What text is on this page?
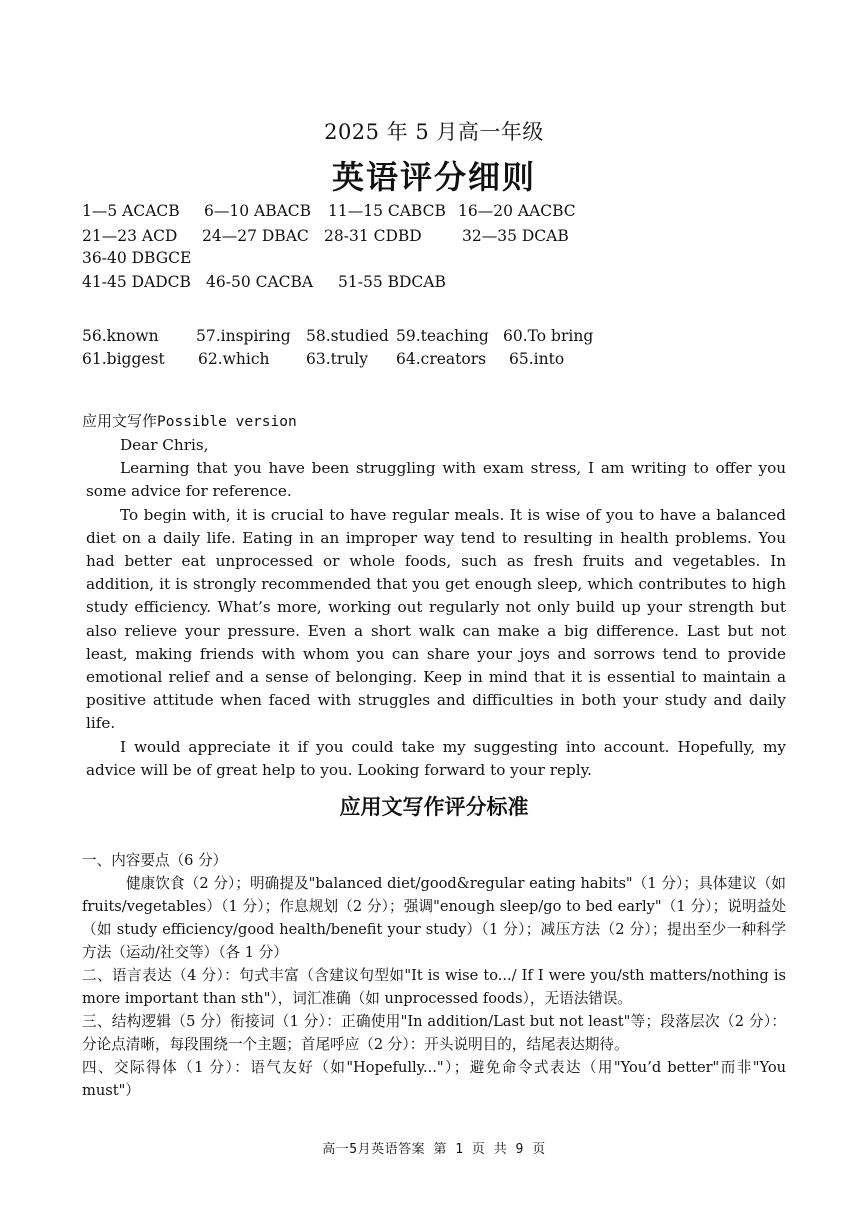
2025 年 5 月高一年级
英语评分细则
1—5 ACACB 6—10 ABACB 11—15 CABCB 16—20 AACBC
21—23 ACD 24—27 DBAC 28-31 CDBD	32—35 DCAB
36-40 DBGCE
41-45 DADCB 46-50 CACBA 51-55 BDCAB
56.known 57.inspiring 58.studied 59.teaching 60.To bring
61.biggest 62.which 63.truly 64.creators 65.into
应用文写作Possible version

Dear Chris,

Learning that you have been struggling with exam stress, I am writing to offer you some advice for reference.

To begin with, it is crucial to have regular meals. It is wise of you to have a balanced diet on a daily life. Eating in an improper way tend to resulting in health problems. You had better eat unprocessed or whole foods, such as fresh fruits and vegetables. In addition, it is strongly recommended that you get enough sleep, which contributes to high study efficiency. What’s more, working out regularly not only build up your strength but also relieve your pressure. Even a short walk can make a big difference. Last but not least, making friends with whom you can share your joys and sorrows tend to provide emotional relief and a sense of belonging. Keep in mind that it is essential to maintain a positive attitude when faced with struggles and difficulties in both your study and daily life.

I would appreciate it if you could take my suggesting into account. Hopefully, my advice will be of great help to you. Looking forward to your reply.

应用文写作评分标准

一、内容要点（6 分）

健康饮食（2 分）；明确提及"balanced diet/good&regular eating habits"（1 分）；具体建议（如 fruits/vegetables）（1 分）；作息规划（2 分）；强调"enough sleep/go to bed early"（1 分）；说明益处（如 study efficiency/good health/benefit your study）（1 分）；减压方法（2 分）；提出至少一种科学方法（运动/社交等）（各 1 分）

二、语言表达（4 分）：句式丰富（含建议句型如"It is wise to.../ If I were you/sth matters/nothing is more important than sth"），词汇准确（如 unprocessed foods），无语法错误。

三、结构逻辑（5 分）衔接词（1 分）：正确使用"In addition/Last but not least"等；段落层次（2 分）：分论点清晰，每段围绕一个主题；首尾呼应（2 分）：开头说明目的，结尾表达期待。

四、交际得体（1 分）：语气友好（如"Hopefully..."）；避免命令式表达（用"You’d better"而非"You must"）

高一5月英语答案 第 1 页 共 9 页
